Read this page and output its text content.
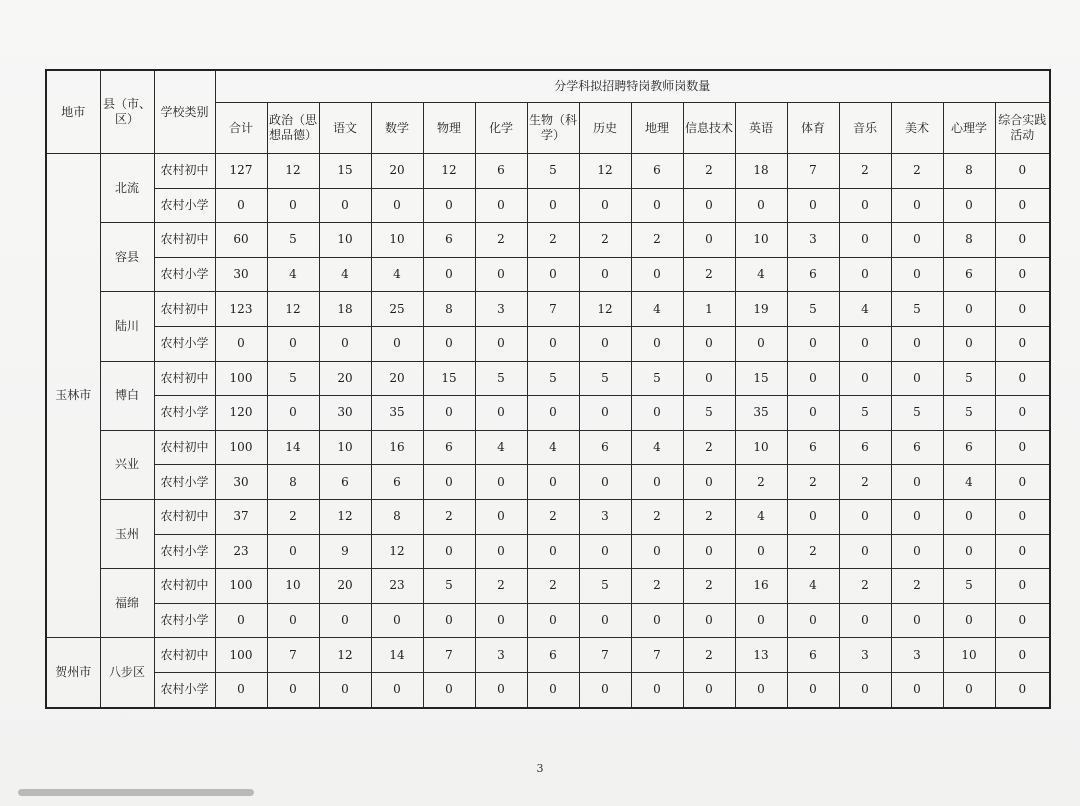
地市	县（市、区）	学校类别	分学科拟招聘特岗教师岗数量															
			合计	政治（思想品德）	语文	数学	物理	化学	生物（科学）	历史	地理	信息技术	英语	体育	音乐	美术	心理学	综合实践活动
玉林市	北流	农村初中	127	12	15	20	12	6	5	12	6	2	18	7	2	2	8	0
		农村小学	0	0	0	0	0	0	0	0	0	0	0	0	0	0	0	0
	容县	农村初中	60	5	10	10	6	2	2	2	2	0	10	3	0	0	8	0
		农村小学	30	4	4	4	0	0	0	0	0	2	4	6	0	0	6	0
	陆川	农村初中	123	12	18	25	8	3	7	12	4	1	19	5	4	5	0	0
		农村小学	0	0	0	0	0	0	0	0	0	0	0	0	0	0	0	0
	博白	农村初中	100	5	20	20	15	5	5	5	5	0	15	0	0	0	5	0
		农村小学	120	0	30	35	0	0	0	0	0	5	35	0	5	5	5	0
	兴业	农村初中	100	14	10	16	6	4	4	6	4	2	10	6	6	6	6	0
		农村小学	30	8	6	6	0	0	0	0	0	0	2	2	2	0	4	0
	玉州	农村初中	37	2	12	8	2	0	2	3	2	2	4	0	0	0	0	0
		农村小学	23	0	9	12	0	0	0	0	0	0	0	2	0	0	0	0
	福绵	农村初中	100	10	20	23	5	2	2	5	2	2	16	4	2	2	5	0
		农村小学	0	0	0	0	0	0	0	0	0	0	0	0	0	0	0	0
贺州市	八步区	农村初中	100	7	12	14	7	3	6	7	7	2	13	6	3	3	10	0
		农村小学	0	0	0	0	0	0	0	0	0	0	0	0	0	0	0	0
3
